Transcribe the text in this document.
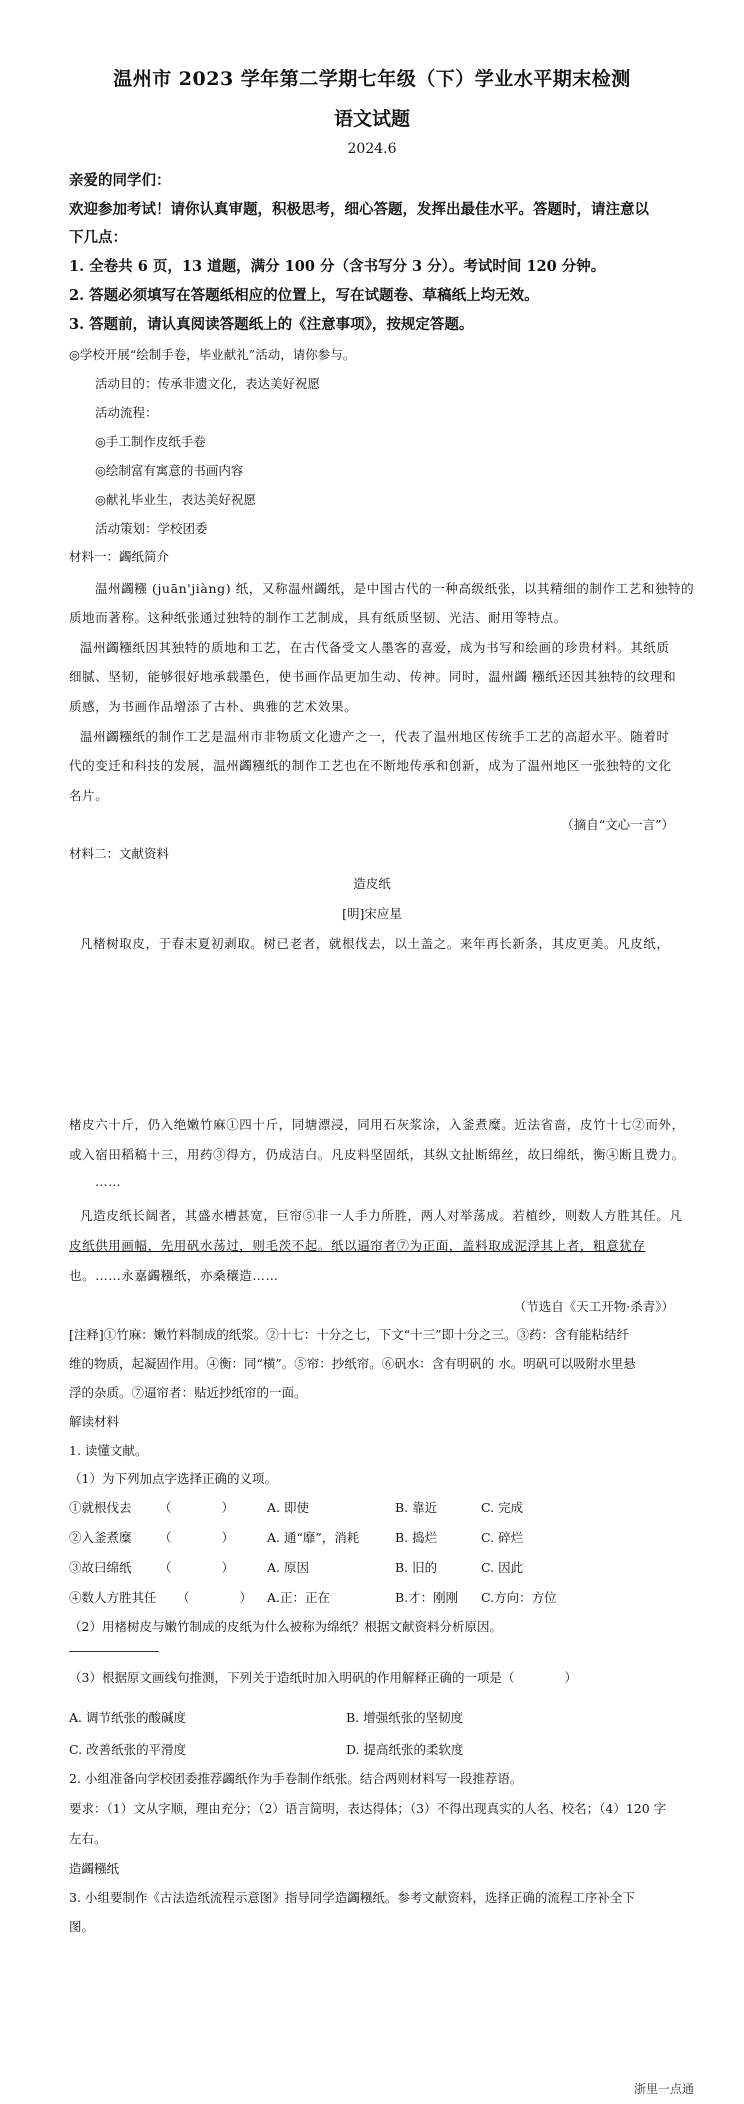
温州市 2023 学年第二学期七年级（下）学业水平期末检测
语文试题
2024.6
亲爱的同学们：
欢迎参加考试！请你认真审题，积极思考，细心答题，发挥出最佳水平。答题时，请注意以
下几点：
1. 全卷共 6 页，13 道题，满分 100 分（含书写分 3 分）。考试时间 120 分钟。
2. 答题必须填写在答题纸相应的位置上，写在试题卷、草稿纸上均无效。
3. 答题前，请认真阅读答题纸上的《注意事项》，按规定答题。
◎学校开展“绘制手卷，毕业献礼”活动，请你参与。
活动目的：传承非遗文化，表达美好祝愿
活动流程：
◎手工制作皮纸手卷
◎绘制富有寓意的书画内容
◎献礼毕业生，表达美好祝愿
活动策划：学校团委
材料一：蠲纸简介
温州蠲糨 (juān'jiàng) 纸，又称温州蠲纸，是中国古代的一种高级纸张，以其精细的制作工艺和独特的
质地而著称。这种纸张通过独特的制作工艺制成，具有纸质坚韧、光洁、耐用等特点。
温州蠲糨纸因其独特的质地和工艺，在古代备受文人墨客的喜爱，成为书写和绘画的珍贵材料。其纸质
细腻、坚韧，能够很好地承载墨色，使书画作品更加生动、传神。同时，温州蠲 糨纸还因其独特的纹理和
质感，为书画作品增添了古朴、典雅的艺术效果。
温州蠲糨纸的制作工艺是温州市非物质文化遗产之一，代表了温州地区传统手工艺的高超水平。随着时
代的变迁和科技的发展，温州蠲糨纸的制作工艺也在不断地传承和创新，成为了温州地区一张独特的文化
名片。
（摘自“文心一言”）
材料二：文献资料
造皮纸
[明]宋应星
凡楮树取皮，于春末夏初剥取。树已老者，就根伐去，以土盖之。来年再长新条，其皮更美。凡皮纸，
楮皮六十斤，仍入绝嫩竹麻①四十斤，同塘漂浸，同用石灰浆涂，入釜煮糜。近法省啬，皮竹十七②而外，
或入宿田稻稿十三，用药③得方，仍成洁白。凡皮料坚固纸，其纵文扯断绵丝，故曰绵纸，衡④断且费力。
……
凡造皮纸长阔者，其盛水槽甚宽，巨帘⑤非一人手力所胜，两人对举荡成。若植纱，则数人方胜其任。凡
皮纸供用画幅，先用矾水荡过，则毛茨不起。纸以逼帘者⑦为正面，盖料取成泥浮其上者，粗意犹存
也。……永嘉蠲糨纸，亦桑穰造……
（节选自《天工开物·杀青》）
[注释]①竹麻：嫩竹料制成的纸浆。②十七：十分之七，下文“十三”即十分之三。③药：含有能粘结纤
维的物质，起凝固作用。④衡：同“横”。⑤帘：抄纸帘。⑥矾水：含有明矾的 水。明矾可以吸附水里悬
浮的杂质。⑦逼帘者：贴近抄纸帘的一面。
解读材料
1. 读懂文献。
（1）为下列加点字选择正确的义项。
①就根伐去 （　　　　）	A. 即使	B. 靠近	C. 完成
②入釜煮糜 （　　　　）	A. 通“靡”，消耗	B. 捣烂	C. 碎烂
③故曰绵纸 （　　　　）	A. 原因	B. 旧的	C. 因此
④数人方胜其任 （　　　　） A.正：正在	B.才：刚刚 C.方向：方位
（2）用楮树皮与嫩竹制成的皮纸为什么被称为绵纸？根据文献资料分析原因。
（3）根据原文画线句推测，下列关于造纸时加入明矾的作用解释正确的一项是（　　　　）
A. 调节纸张的酸碱度	B. 增强纸张的坚韧度
C. 改善纸张的平滑度	D. 提高纸张的柔软度
2. 小组准备向学校团委推荐蠲纸作为手卷制作纸张。结合两则材料写一段推荐语。
要求：（1）文从字顺，理由充分；（2）语言简明，表达得体；（3）不得出现真实的人名、校名；（4）120 字
左右。
造蠲糨纸
3. 小组要制作《古法造纸流程示意图》指导同学造蠲糨纸。参考文献资料，选择正确的流程工序补全下
图。
浙里一点通
